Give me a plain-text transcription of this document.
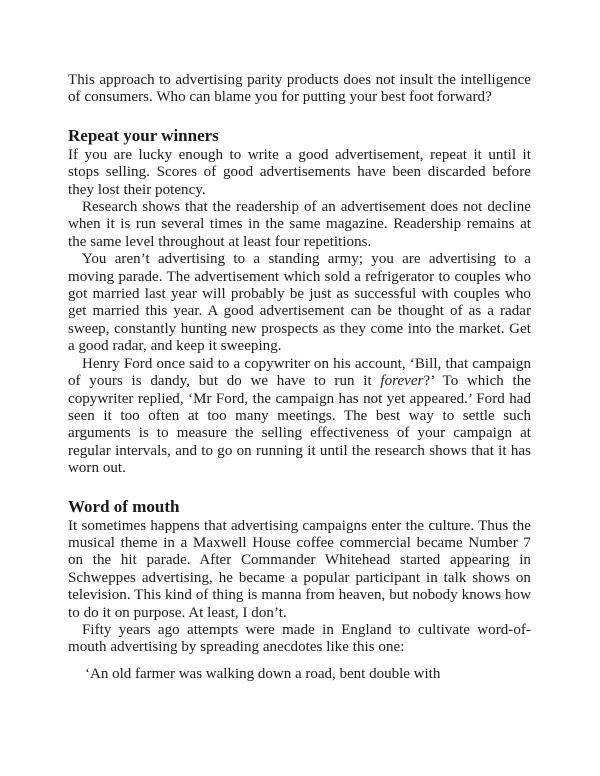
This approach to advertising parity products does not insult the intelligence of consumers. Who can blame you for putting your best foot forward?

Repeat your winners

If you are lucky enough to write a good advertisement, repeat it until it stops selling. Scores of good advertisements have been discarded before they lost their potency.

Research shows that the readership of an advertisement does not decline when it is run several times in the same magazine. Readership remains at the same level throughout at least four repetitions.

You aren’t advertising to a standing army; you are advertising to a moving parade. The advertisement which sold a refrigerator to couples who got married last year will probably be just as successful with couples who get married this year. A good advertisement can be thought of as a radar sweep, constantly hunting new prospects as they come into the market. Get a good radar, and keep it sweeping.

Henry Ford once said to a copywriter on his account, ‘Bill, that campaign of yours is dandy, but do we have to run it forever?’ To which the copywriter replied, ‘Mr Ford, the campaign has not yet appeared.’ Ford had seen it too often at too many meetings. The best way to settle such arguments is to measure the selling effectiveness of your campaign at regular intervals, and to go on running it until the research shows that it has worn out.

Word of mouth

It sometimes happens that advertising campaigns enter the culture. Thus the musical theme in a Maxwell House coffee commercial became Number 7 on the hit parade. After Commander Whitehead started appearing in Schweppes advertising, he became a popular participant in talk shows on television. This kind of thing is manna from heaven, but nobody knows how to do it on purpose. At least, I don’t.

Fifty years ago attempts were made in England to cultivate word-of-mouth advertising by spreading anecdotes like this one:

‘An old farmer was walking down a road, bent double with
